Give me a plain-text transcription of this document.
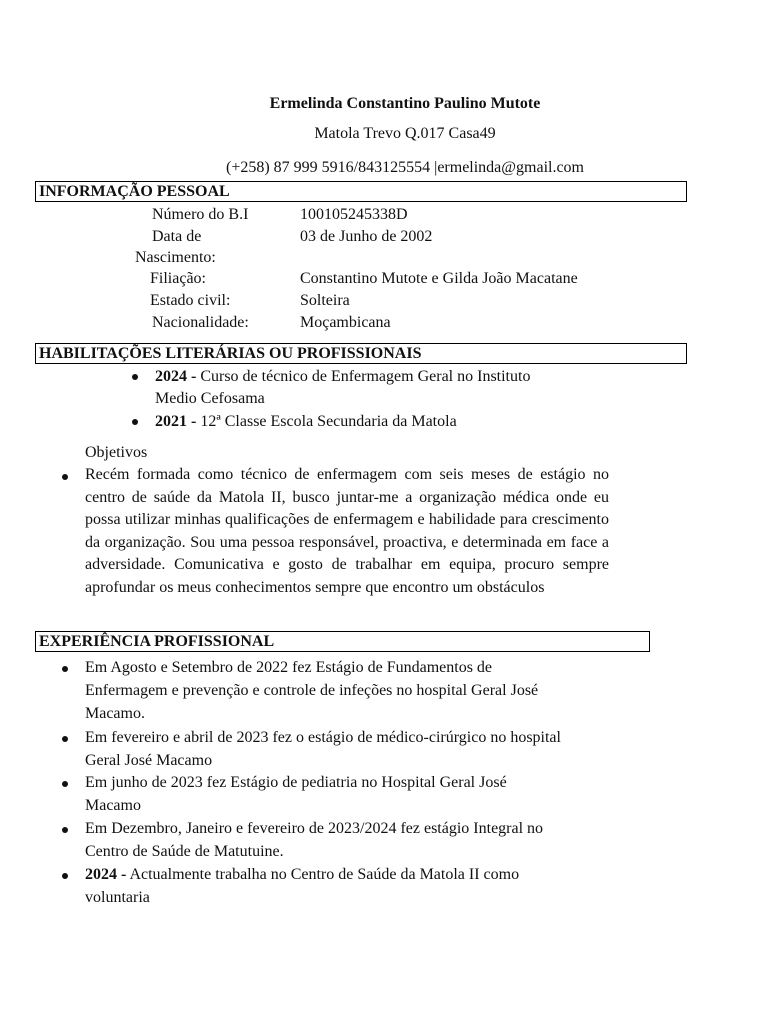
Ermelinda Constantino Paulino Mutote
Matola Trevo Q.017 Casa49
(+258) 87 999 5916/843125554 |ermelinda@gmail.com
INFORMAÇÃO PESSOAL
Número do B.I	100105245338D
Data de	03 de Junho de 2002
Nascimento:
Filiação:	Constantino Mutote e Gilda João Macatane
Estado civil:	Solteira
Nacionalidade:	Moçambicana
HABILITAÇÕES LITERÁRIAS OU PROFISSIONAIS
2024 - Curso de técnico de Enfermagem Geral no Instituto
Medio Cefosama
2021 - 12ª Classe Escola Secundaria da Matola
Objetivos
Recém formada como técnico de enfermagem com seis meses de estágio no centro de saúde da Matola II, busco juntar-me a organização médica onde eu possa utilizar minhas qualificações de enfermagem e habilidade para crescimento da organização. Sou uma pessoa responsável, proactiva, e determinada em face a adversidade. Comunicativa e gosto de trabalhar em equipa, procuro sempre aprofundar os meus conhecimentos sempre que encontro um obstáculos
EXPERIÊNCIA PROFISSIONAL
Em Agosto e Setembro de 2022 fez Estágio de Fundamentos de
Enfermagem e prevenção e controle de infeções no hospital Geral José
Macamo.
Em fevereiro e abril de 2023 fez o estágio de médico-cirúrgico no hospital
Geral José Macamo
Em junho de 2023 fez Estágio de pediatria no Hospital Geral José
Macamo
Em Dezembro, Janeiro e fevereiro de 2023/2024 fez estágio Integral no
Centro de Saúde de Matutuine.
2024 - Actualmente trabalha no Centro de Saúde da Matola II como
voluntaria
